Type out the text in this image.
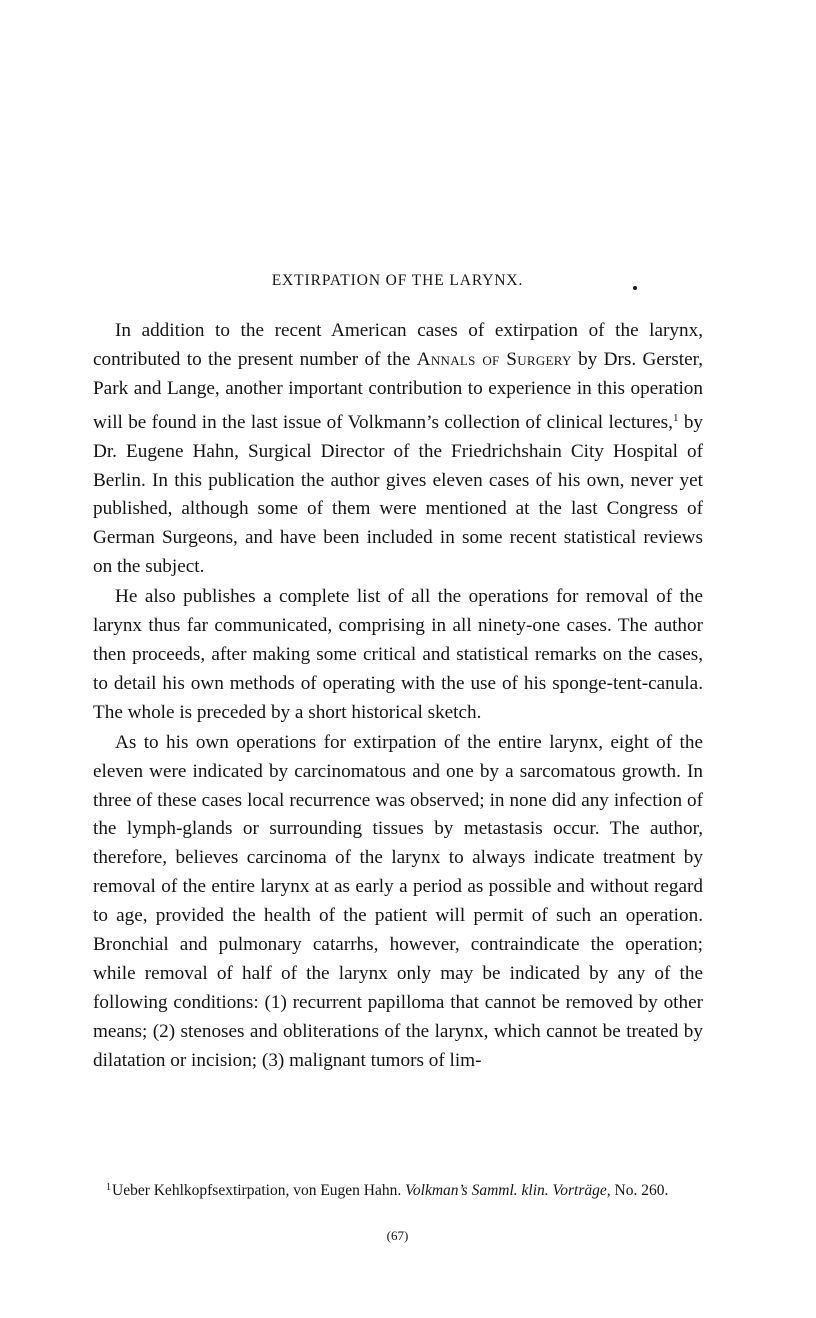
EXTIRPATION OF THE LARYNX.

In addition to the recent American cases of extirpation of the larynx, contributed to the present number of the Annals of Surgery by Drs. Gerster, Park and Lange, another important contribution to experience in this operation will be found in the last issue of Volkmann’s collection of clinical lectures,$^1$ by Dr. Eugene Hahn, Surgical Director of the Friedrichshain City Hospital of Berlin. In this publication the author gives eleven cases of his own, never yet published, although some of them were mentioned at the last Congress of German Surgeons, and have been included in some recent statistical reviews on the subject.

He also publishes a complete list of all the operations for removal of the larynx thus far communicated, comprising in all ninety-one cases. The author then proceeds, after making some critical and statistical remarks on the cases, to detail his own methods of operating with the use of his sponge-tent-canula. The whole is preceded by a short historical sketch.

As to his own operations for extirpation of the entire larynx, eight of the eleven were indicated by carcinomatous and one by a sarcomatous growth. In three of these cases local recurrence was observed; in none did any infection of the lymph-glands or surrounding tissues by metastasis occur. The author, therefore, believes carcinoma of the larynx to always indicate treatment by removal of the entire larynx at as early a period as possible and without regard to age, provided the health of the patient will permit of such an operation. Bronchial and pulmonary catarrhs, however, contraindicate the operation; while removal of half of the larynx only may be indicated by any of the following conditions: (1) recurrent papilloma that cannot be removed by other means; (2) stenoses and obliterations of the larynx, which cannot be treated by dilatation or incision; (3) malignant tumors of lim-

$^1$Ueber Kehlkopfsextirpation, von Eugen Hahn. Volkman’s Samml. klin. Vorträge, No. 260.
(67)
